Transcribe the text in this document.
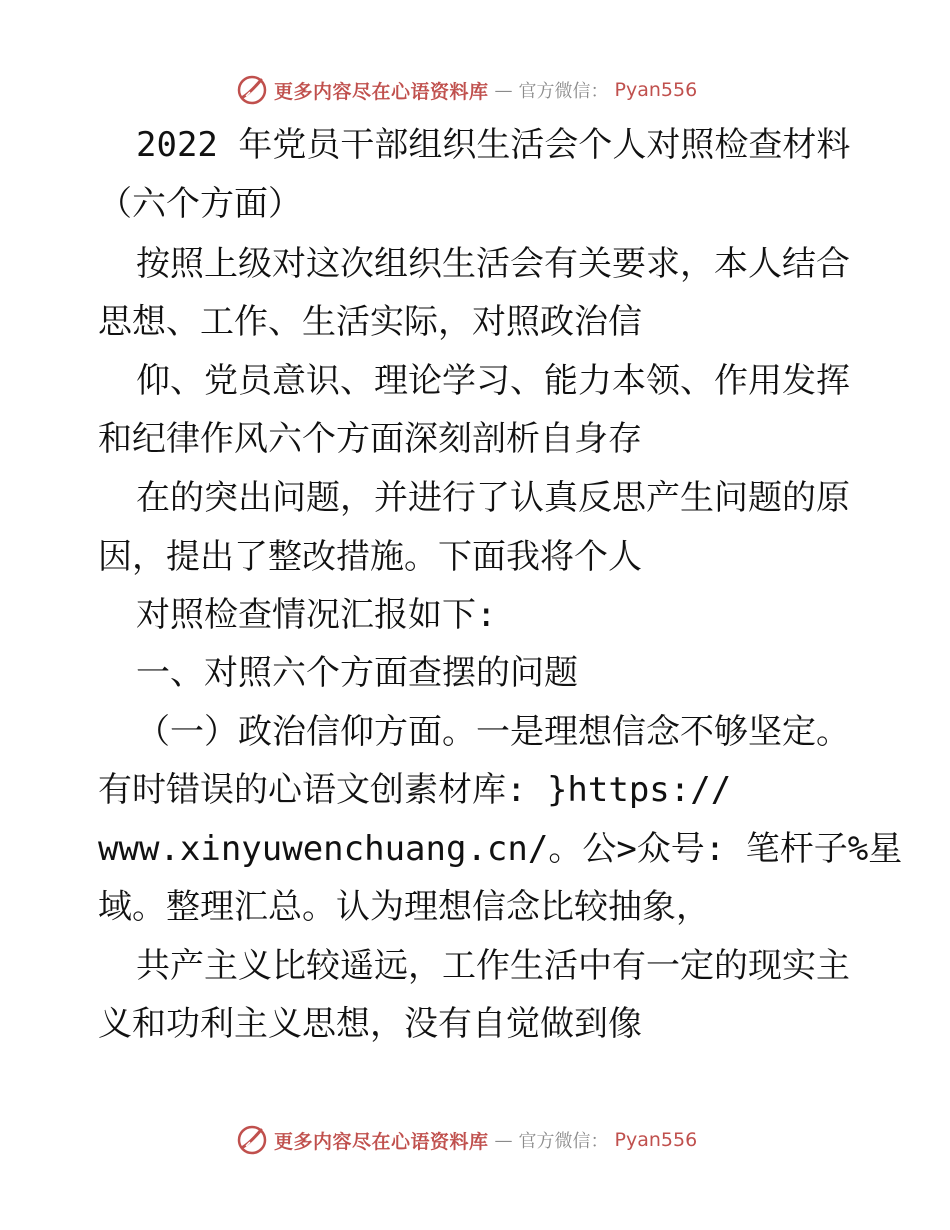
更多内容尽在心语资料库 — 官方微信： Pyan556
2022 年党员干部组织生活会个人对照检查材料
（六个方面）
按照上级对这次组织生活会有关要求，本人结合
思想、工作、生活实际，对照政治信
仰、党员意识、理论学习、能力本领、作用发挥
和纪律作风六个方面深刻剖析自身存
在的突出问题，并进行了认真反思产生问题的原
因，提出了整改措施。下面我将个人
对照检查情况汇报如下:
一、对照六个方面查摆的问题
（一）政治信仰方面。一是理想信念不够坚定。
有时错误的心语文创素材库: }https://
www.xinyuwenchuang.cn/。公>众号: 笔杆子%星
域。整理汇总。认为理想信念比较抽象，
共产主义比较遥远，工作生活中有一定的现实主
义和功利主义思想，没有自觉做到像
更多内容尽在心语资料库 — 官方微信： Pyan556
